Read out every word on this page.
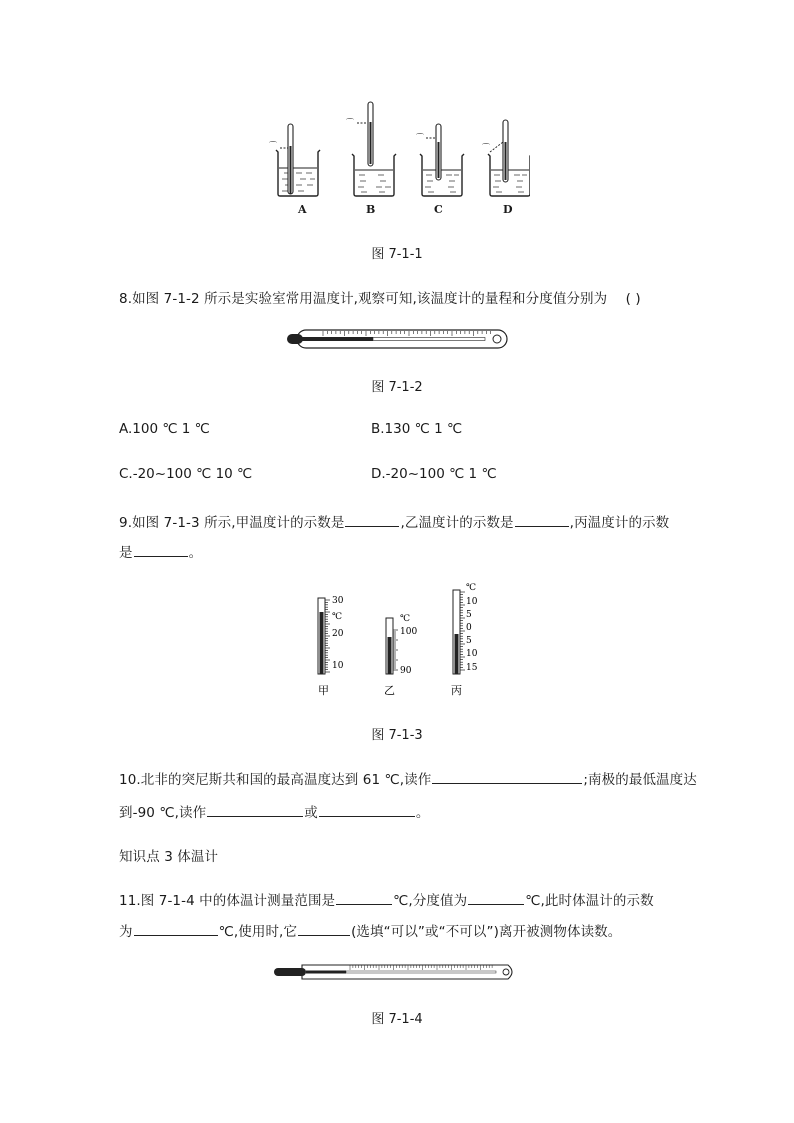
⌒
⌒
⌒
⌒
A	B	C	D
图 7-1-1
8.如图 7-1-2 所示是实验室常用温度计,观察可知,该温度计的量程和分度值分别为 ( )
图 7-1-2
A.100 ℃ 1 ℃	B.130 ℃ 1 ℃
C.-20~100 ℃ 10 ℃	D.-20~100 ℃ 1 ℃
9.如图 7-1-3 所示,甲温度计的示数是	,乙温度计的示数是	,丙温度计的示数
是	。
30
℃
20
10
℃
100
90
℃
10
5
0
5
10
15
甲	乙	丙
图 7-1-3
10.北非的突尼斯共和国的最高温度达到 61 ℃,读作	;南极的最低温度达
到-90 ℃,读作	或	。
知识点 3 体温计
11.图 7-1-4 中的体温计测量范围是	℃,分度值为	℃,此时体温计的示数
为	℃,使用时,它	(选填“可以”或“不可以”)离开被测物体读数。
图 7-1-4
